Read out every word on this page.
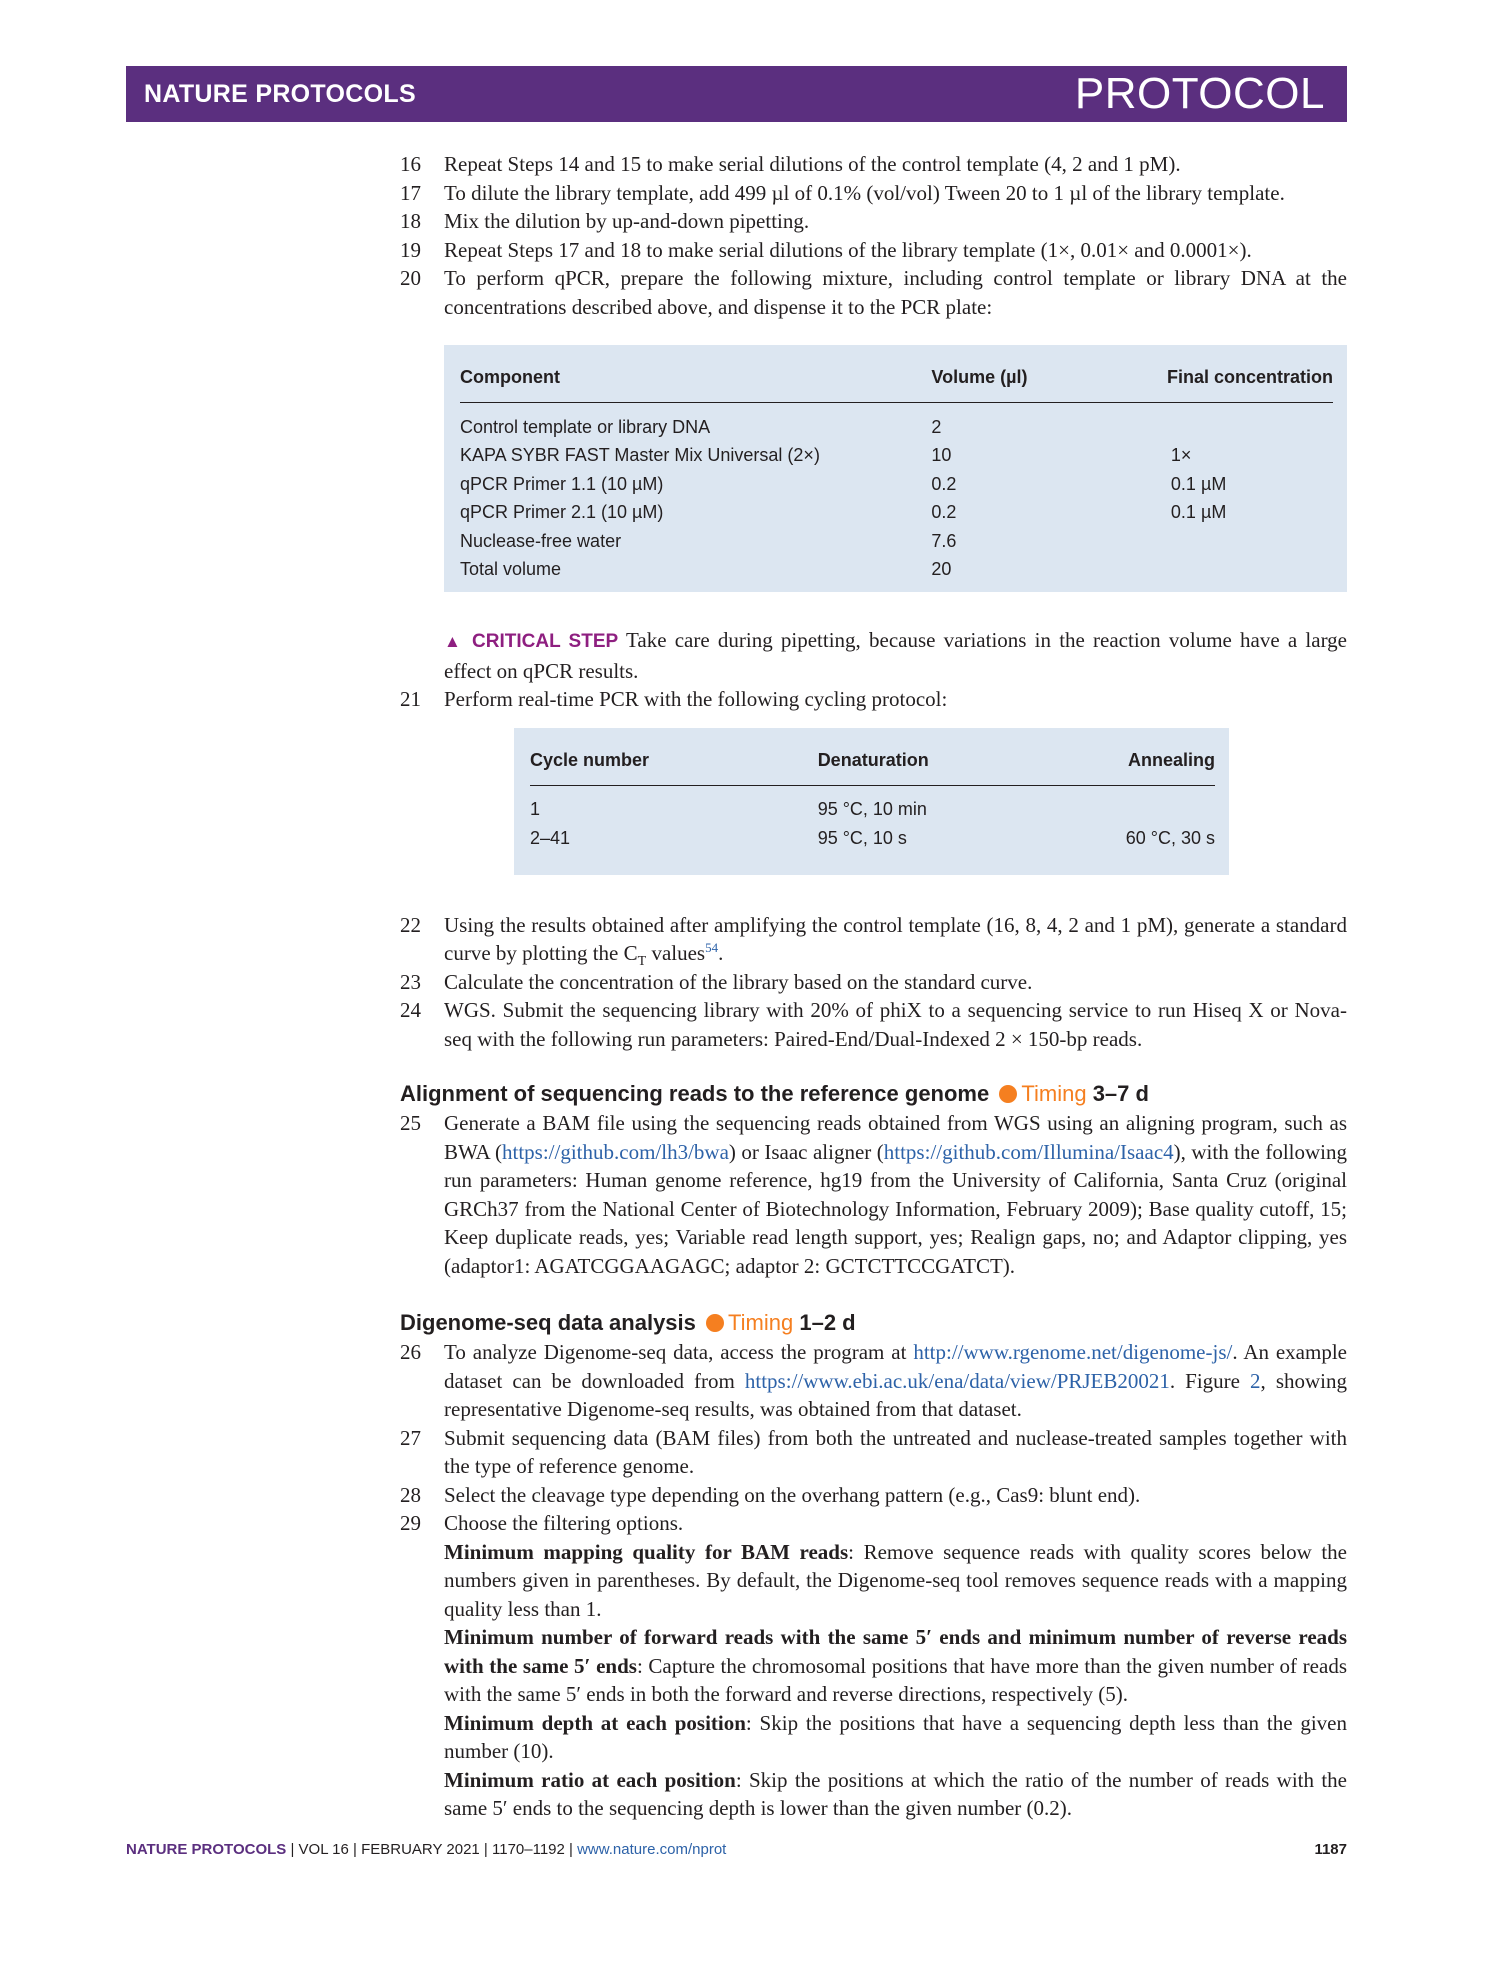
NATURE PROTOCOLS	PROTOCOL
16	Repeat Steps 14 and 15 to make serial dilutions of the control template (4, 2 and 1 pM).
17	To dilute the library template, add 499 µl of 0.1% (vol/vol) Tween 20 to 1 µl of the library template.
18	Mix the dilution by up-and-down pipetting.
19	Repeat Steps 17 and 18 to make serial dilutions of the library template (1×, 0.01× and 0.0001×).
20	To perform qPCR, prepare the following mixture, including control template or library DNA at the concentrations described above, and dispense it to the PCR plate:
Component	Volume (µl)	Final concentration

Control template or library DNA	2	
KAPA SYBR FAST Master Mix Universal (2×)	10	1×
qPCR Primer 1.1 (10 µM)	0.2	0.1 µM
qPCR Primer 2.1 (10 µM)	0.2	0.1 µM
Nuclease-free water	7.6	
Total volume	20	
▲ CRITICAL STEP Take care during pipetting, because variations in the reaction volume have a large effect on qPCR results.
21	Perform real-time PCR with the following cycling protocol:
Cycle number	Denaturation	Annealing

1	95 °C, 10 min	
2–41	95 °C, 10 s	60 °C, 30 s
22	Using the results obtained after amplifying the control template (16, 8, 4, 2 and 1 pM), generate a standard curve by plotting the $C_T$ values$^{54}$.
23	Calculate the concentration of the library based on the standard curve.
24	WGS. Submit the sequencing library with 20% of phiX to a sequencing service to run Hiseq X or Nova-seq with the following run parameters: Paired-End/Dual-Indexed 2 × 150-bp reads.
Alignment of sequencing reads to the reference genome Timing 3–7 d
25	Generate a BAM file using the sequencing reads obtained from WGS using an aligning program, such as BWA (https://github.com/lh3/bwa) or Isaac aligner (https://github.com/Illumina/Isaac4), with the following run parameters: Human genome reference, hg19 from the University of California, Santa Cruz (original GRCh37 from the National Center of Biotechnology Information, February 2009); Base quality cutoff, 15; Keep duplicate reads, yes; Variable read length support, yes; Realign gaps, no; and Adaptor clipping, yes (adaptor1: AGATCGGAAGAGC; adaptor 2: GCTCTTCCGATCT).
Digenome-seq data analysis Timing 1–2 d
26	To analyze Digenome-seq data, access the program at http://www.rgenome.net/digenome-js/. An example dataset can be downloaded from https://www.ebi.ac.uk/ena/data/view/PRJEB20021. Figure 2, showing representative Digenome-seq results, was obtained from that dataset.
27	Submit sequencing data (BAM files) from both the untreated and nuclease-treated samples together with the type of reference genome.
28	Select the cleavage type depending on the overhang pattern (e.g., Cas9: blunt end).
29	Choose the filtering options.
Minimum mapping quality for BAM reads: Remove sequence reads with quality scores below the numbers given in parentheses. By default, the Digenome-seq tool removes sequence reads with a mapping quality less than 1.
Minimum number of forward reads with the same 5′ ends and minimum number of reverse reads with the same 5′ ends: Capture the chromosomal positions that have more than the given number of reads with the same 5′ ends in both the forward and reverse directions, respectively (5).
Minimum depth at each position: Skip the positions that have a sequencing depth less than the given number (10).
Minimum ratio at each position: Skip the positions at which the ratio of the number of reads with the same 5′ ends to the sequencing depth is lower than the given number (0.2).
NATURE PROTOCOLS | VOL 16 | FEBRUARY 2021 | 1170–1192 | www.nature.com/nprot	1187
